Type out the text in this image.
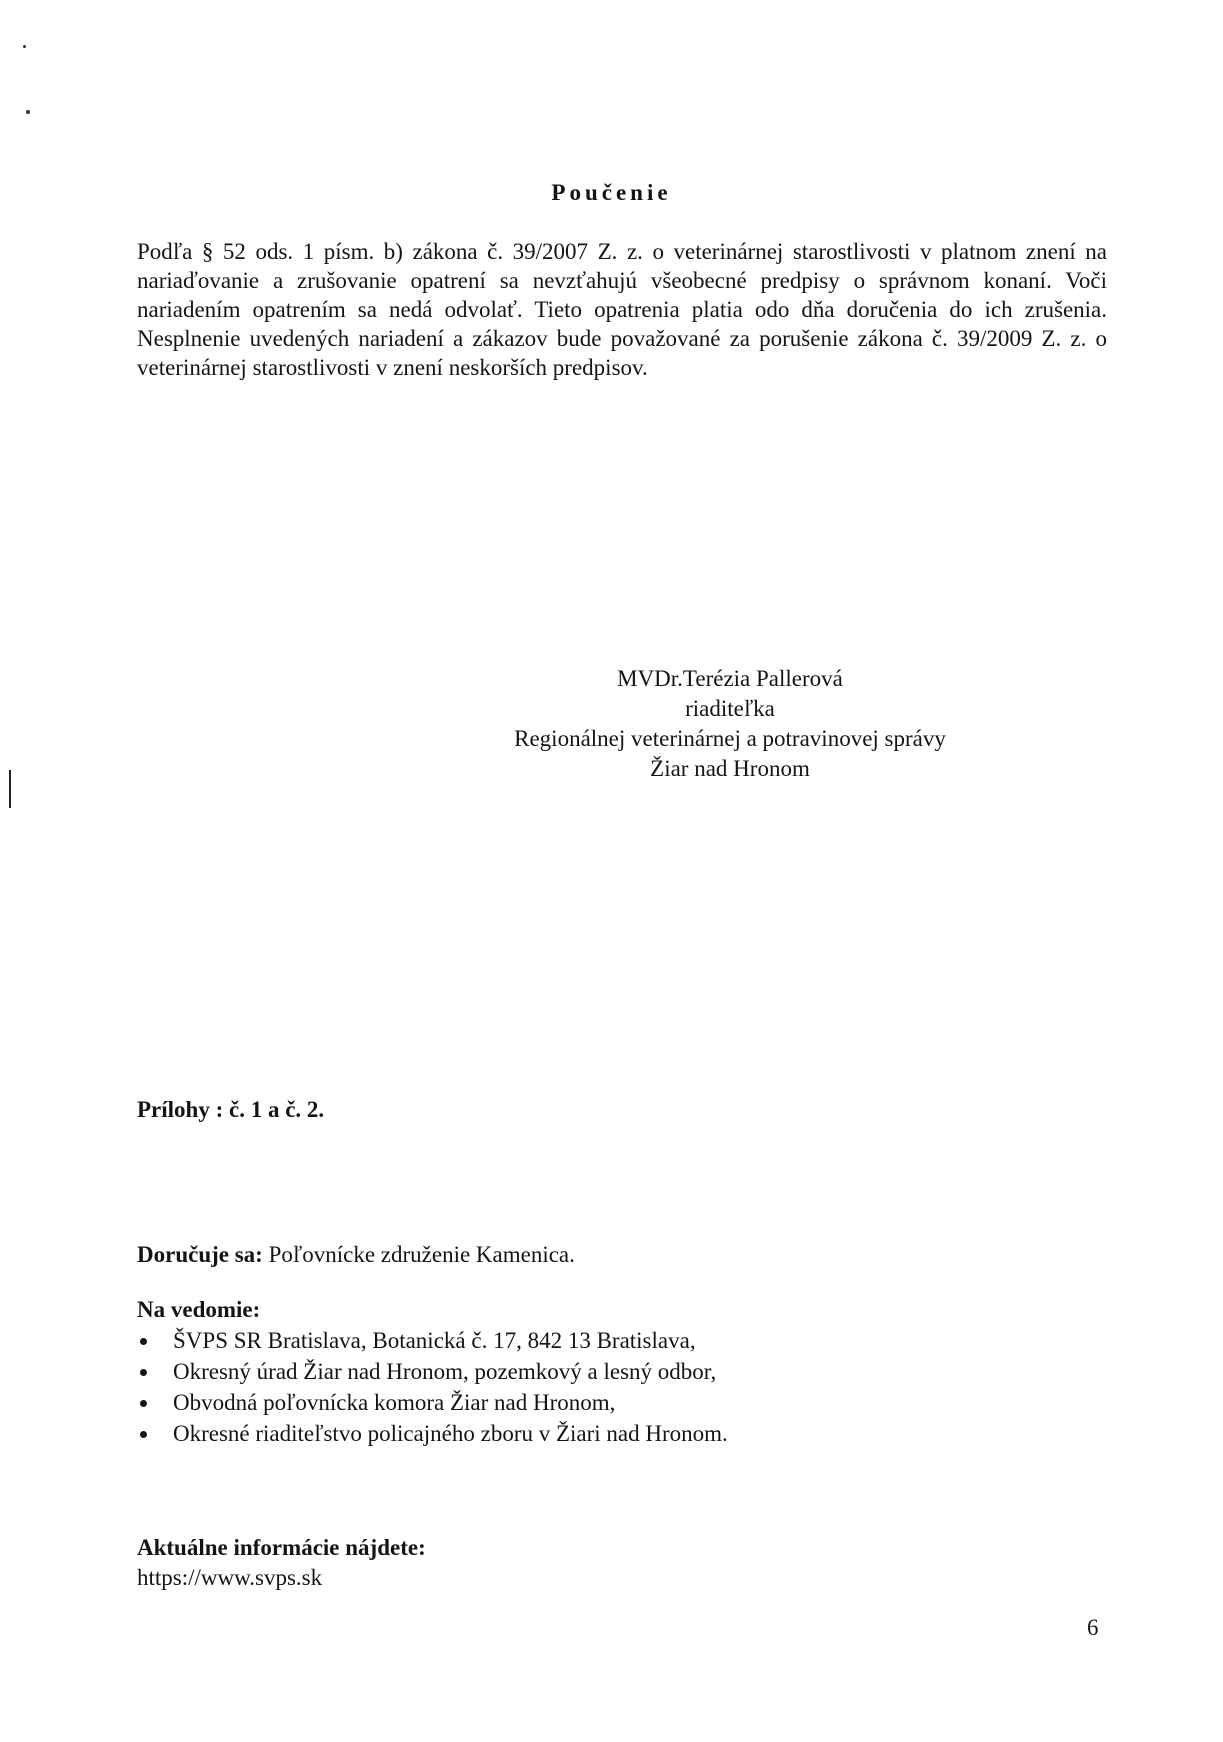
Poučenie
Podľa § 52 ods. 1 písm. b) zákona č. 39/2007 Z. z. o veterinárnej starostlivosti v platnom znení na nariaďovanie a zrušovanie opatrení sa nevzťahujú všeobecné predpisy o správnom konaní. Voči nariadením opatrením sa nedá odvolať. Tieto opatrenia platia odo dňa doručenia do ich zrušenia. Nesplnenie uvedených nariadení a zákazov bude považované za porušenie zákona č. 39/2009 Z. z. o veterinárnej starostlivosti v znení neskorších predpisov.
MVDr.Terézia Pallerová
riaditeľka
Regionálnej veterinárnej a potravinovej správy
Žiar nad Hronom
Prílohy : č. 1 a č. 2.
Doručuje sa: Poľovnícke združenie Kamenica.
Na vedomie:
ŠVPS SR Bratislava, Botanická č. 17, 842 13 Bratislava,
Okresný úrad Žiar nad Hronom, pozemkový a lesný odbor,
Obvodná poľovnícka komora Žiar nad Hronom,
Okresné riaditeľstvo policajného zboru v Žiari nad Hronom.
Aktuálne informácie nájdete:
https://www.svps.sk
6
